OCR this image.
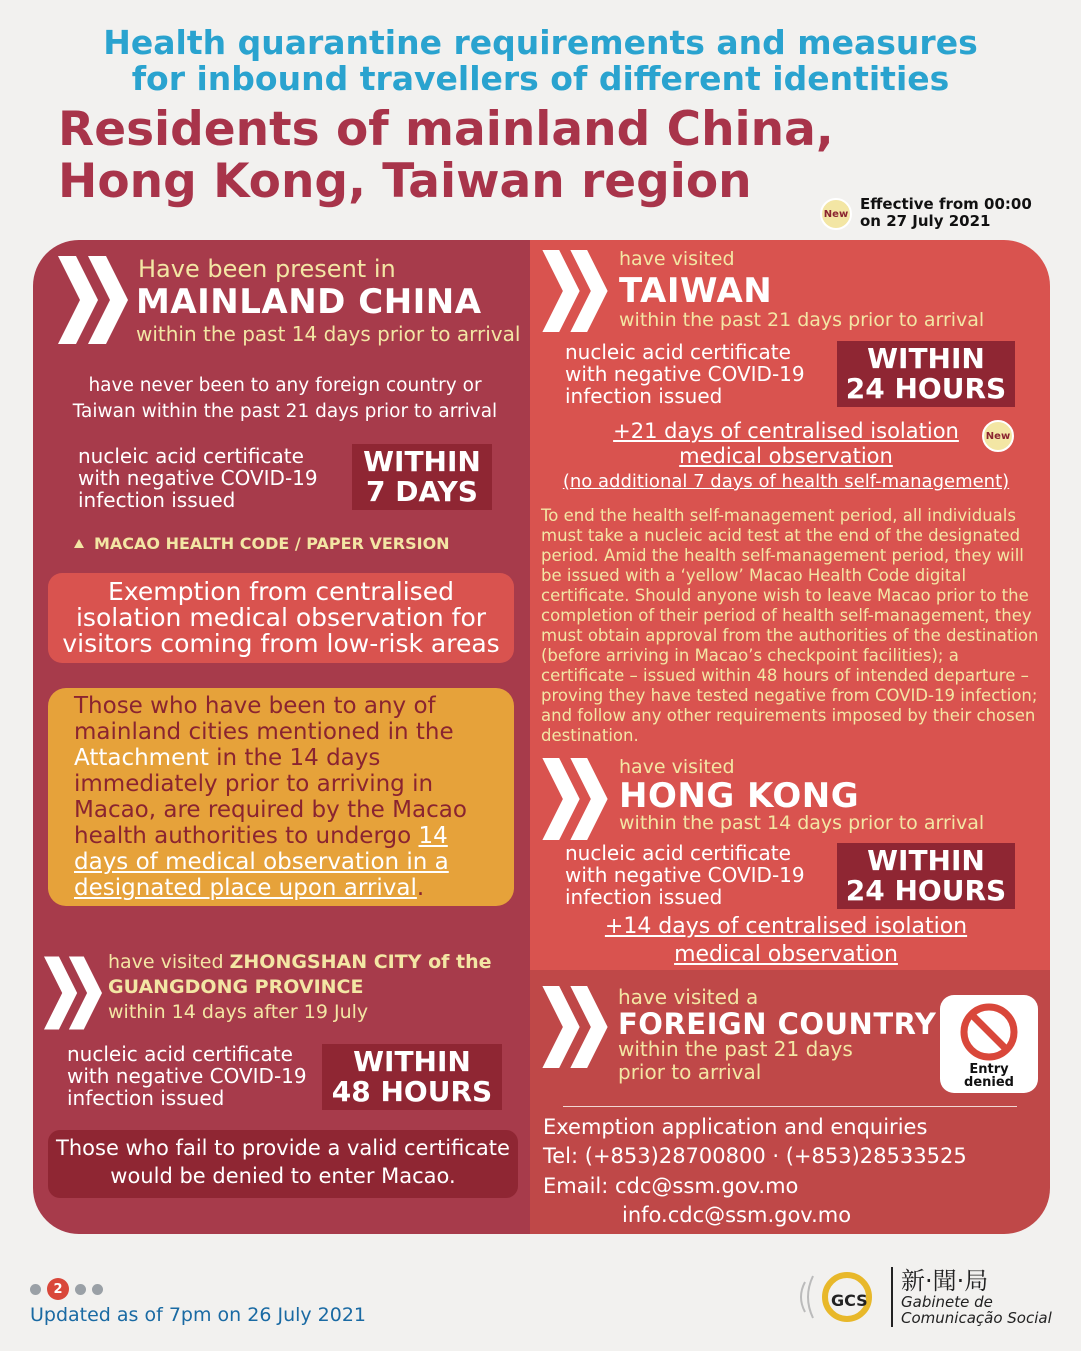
Health quarantine requirements and measures
for inbound travellers of different identities
Residents of mainland China,
Hong Kong, Taiwan region
New
Effective from 00:00
on 27 July 2021
Have been present in
MAINLAND CHINA
within the past 14 days prior to arrival
have never been to any foreign country or
Taiwan within the past 21 days prior to arrival
nucleic acid certificate
with negative COVID-19
infection issued
WITHIN
7 DAYS
MACAO HEALTH CODE / PAPER VERSION
Exemption from centralised
isolation medical observation for
visitors coming from low-risk areas
Those who have been to any of
mainland cities mentioned in the
Attachment in the 14 days
immediately prior to arriving in
Macao, are required by the Macao
health authorities to undergo 14
days of medical observation in a
designated place upon arrival.
have visited ZHONGSHAN CITY of the
GUANGDONG PROVINCE
within 14 days after 19 July
nucleic acid certificate
with negative COVID-19
infection issued
WITHIN
48 HOURS
Those who fail to provide a valid certificate
would be denied to enter Macao.
have visited
TAIWAN
within the past 21 days prior to arrival
nucleic acid certificate
with negative COVID-19
infection issued
WITHIN
24 HOURS
+21 days of centralised isolation
medical observation
(no additional 7 days of health self-management)
New
To end the health self-management period, all individuals must take a nucleic acid test at the end of the designated period. Amid the health self-management period, they will be issued with a ‘yellow’ Macao Health Code digital certificate. Should anyone wish to leave Macao prior to the completion of their period of health self-management, they must obtain approval from the authorities of the destination (before arriving in Macao’s checkpoint facilities); a certificate – issued within 48 hours of intended departure – proving they have tested negative from COVID-19 infection; and follow any other requirements imposed by their chosen destination.
have visited
HONG KONG
within the past 14 days prior to arrival
nucleic acid certificate
with negative COVID-19
infection issued
WITHIN
24 HOURS
+14 days of centralised isolation
medical observation
have visited a
FOREIGN COUNTRY
within the past 21 days
prior to arrival	Entry
denied
Exemption application and enquiries
Tel: (+853)28700800 · (+853)28533525
Email: cdc@ssm.gov.mo
info.cdc@ssm.gov.mo
2
Updated as of 7pm on 26 July 2021
GCS
新·聞·局
Gabinete de
Comunicação Social
